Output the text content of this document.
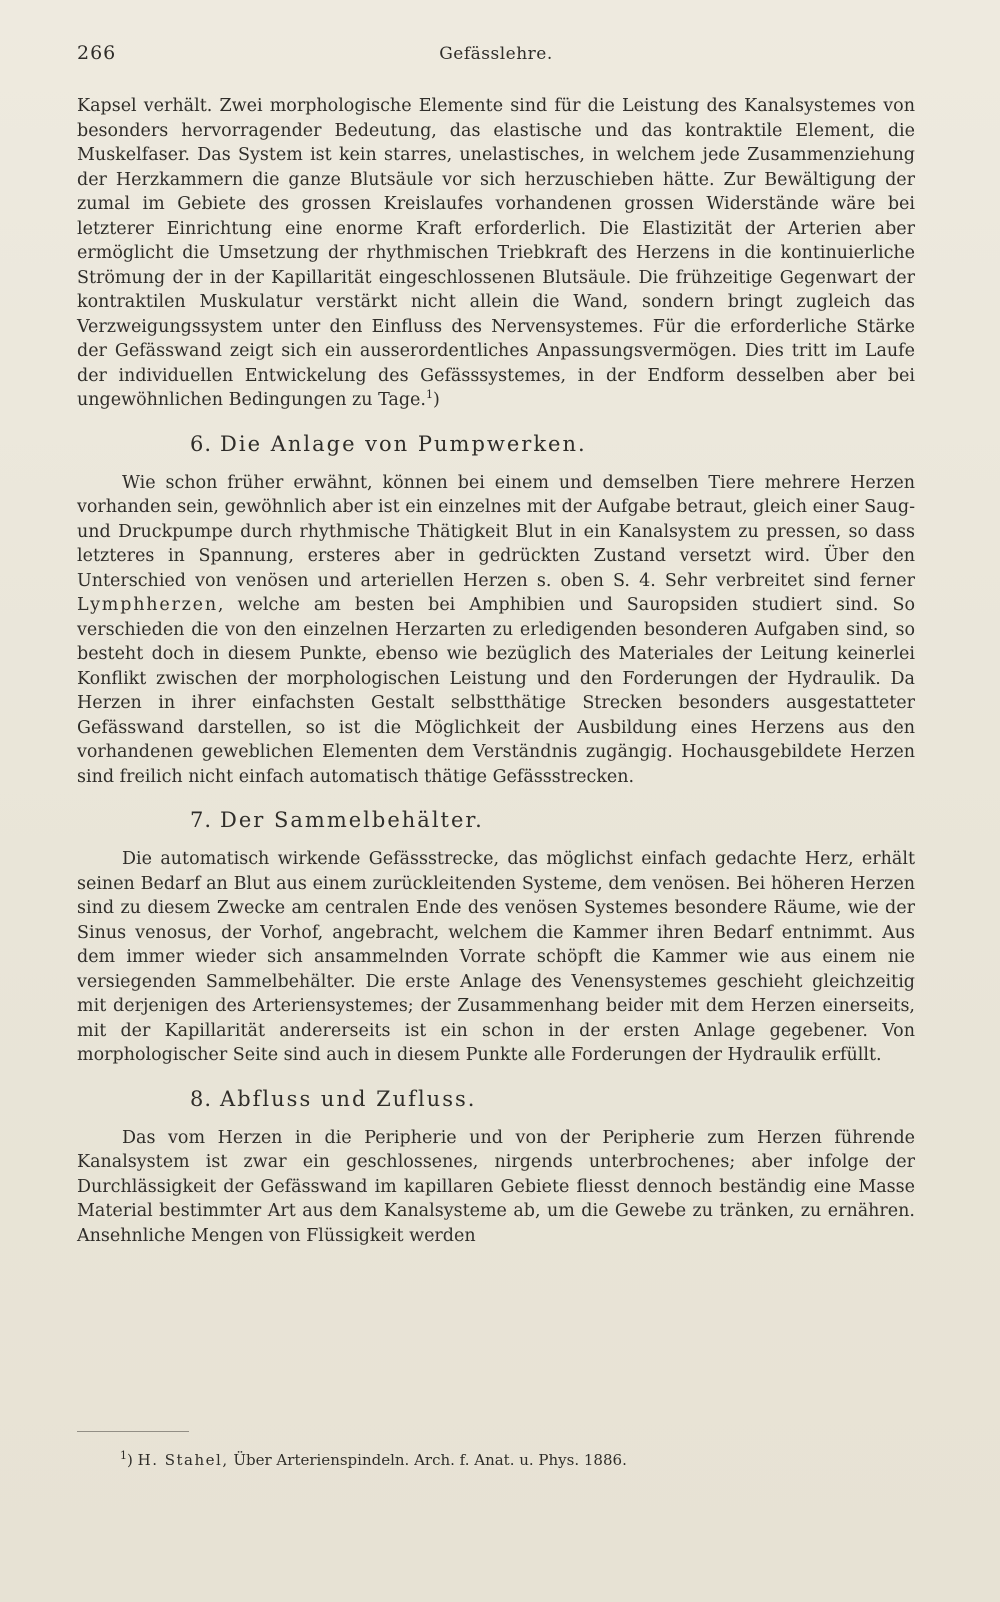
266	Gefässlehre.

Kapsel verhält. Zwei morphologische Elemente sind für die Leistung des Kanalsystemes von besonders hervorragender Bedeutung, das elastische und das kontraktile Element, die Muskelfaser. Das System ist kein starres, unelastisches, in welchem jede Zusammenziehung der Herzkammern die ganze Blutsäule vor sich herzuschieben hätte. Zur Bewältigung der zumal im Gebiete des grossen Kreislaufes vorhandenen grossen Widerstände wäre bei letzterer Einrichtung eine enorme Kraft erforderlich. Die Elastizität der Arterien aber ermöglicht die Umsetzung der rhythmischen Triebkraft des Herzens in die kontinuierliche Strömung der in der Kapillarität eingeschlossenen Blutsäule. Die frühzeitige Gegenwart der kontraktilen Muskulatur verstärkt nicht allein die Wand, sondern bringt zugleich das Verzweigungssystem unter den Einfluss des Nervensystemes. Für die erforderliche Stärke der Gefässwand zeigt sich ein ausserordentliches Anpassungsvermögen. Dies tritt im Laufe der individuellen Entwickelung des Gefässsystemes, in der Endform desselben aber bei ungewöhnlichen Bedingungen zu Tage.$^1$)

6. Die Anlage von Pumpwerken.

Wie schon früher erwähnt, können bei einem und demselben Tiere mehrere Herzen vorhanden sein, gewöhnlich aber ist ein einzelnes mit der Aufgabe betraut, gleich einer Saug- und Druckpumpe durch rhythmische Thätigkeit Blut in ein Kanalsystem zu pressen, so dass letzteres in Spannung, ersteres aber in gedrückten Zustand versetzt wird. Über den Unterschied von venösen und arteriellen Herzen s. oben S. 4. Sehr verbreitet sind ferner Lymphherzen, welche am besten bei Amphibien und Sauropsiden studiert sind. So verschieden die von den einzelnen Herzarten zu erledigenden besonderen Aufgaben sind, so besteht doch in diesem Punkte, ebenso wie bezüglich des Materiales der Leitung keinerlei Konflikt zwischen der morphologischen Leistung und den Forderungen der Hydraulik. Da Herzen in ihrer einfachsten Gestalt selbstthätige Strecken besonders ausgestatteter Gefässwand darstellen, so ist die Möglichkeit der Ausbildung eines Herzens aus den vorhandenen geweblichen Elementen dem Verständnis zugängig. Hochausgebildete Herzen sind freilich nicht einfach automatisch thätige Gefässstrecken.

7. Der Sammelbehälter.

Die automatisch wirkende Gefässstrecke, das möglichst einfach gedachte Herz, erhält seinen Bedarf an Blut aus einem zurückleitenden Systeme, dem venösen. Bei höheren Herzen sind zu diesem Zwecke am centralen Ende des venösen Systemes besondere Räume, wie der Sinus venosus, der Vorhof, angebracht, welchem die Kammer ihren Bedarf entnimmt. Aus dem immer wieder sich ansammelnden Vorrate schöpft die Kammer wie aus einem nie versiegenden Sammelbehälter. Die erste Anlage des Venensystemes geschieht gleichzeitig mit derjenigen des Arteriensystemes; der Zusammenhang beider mit dem Herzen einerseits, mit der Kapillarität andererseits ist ein schon in der ersten Anlage gegebener. Von morphologischer Seite sind auch in diesem Punkte alle Forderungen der Hydraulik erfüllt.

8. Abfluss und Zufluss.

Das vom Herzen in die Peripherie und von der Peripherie zum Herzen führende Kanalsystem ist zwar ein geschlossenes, nirgends unterbrochenes; aber infolge der Durchlässigkeit der Gefässwand im kapillaren Gebiete fliesst dennoch beständig eine Masse Material bestimmter Art aus dem Kanalsysteme ab, um die Gewebe zu tränken, zu ernähren. Ansehnliche Mengen von Flüssigkeit werden

$^1$) H. Stahel, Über Arterienspindeln. Arch. f. Anat. u. Phys. 1886.
